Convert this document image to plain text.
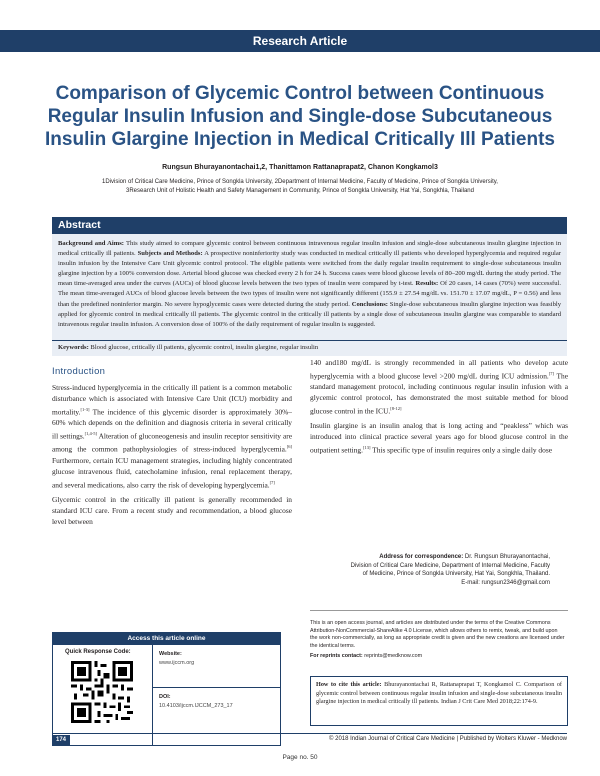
Research Article
Comparison of Glycemic Control between Continuous Regular Insulin Infusion and Single-dose Subcutaneous Insulin Glargine Injection in Medical Critically Ill Patients
Rungsun Bhurayanontachai1,2, Thanittamon Rattanaprapat2, Chanon Kongkamol3
1Division of Critical Care Medicine, Prince of Songkla University, 2Department of Internal Medicine, Faculty of Medicine, Prince of Songkla University,
3Research Unit of Holistic Health and Safety Management in Community, Prince of Songkla University, Hat Yai, Songkhla, Thailand
Abstract
Background and Aims: This study aimed to compare glycemic control between continuous intravenous regular insulin infusion and single-dose subcutaneous insulin glargine injection in medical critically ill patients. Subjects and Methods: A prospective noninferiority study was conducted in medical critically ill patients who developed hyperglycemia and required regular insulin infusion by the Intensive Care Unit glycemic control protocol. The eligible patients were switched from the daily regular insulin requirement to single-dose subcutaneous insulin glargine injection by a 100% conversion dose. Arterial blood glucose was checked every 2 h for 24 h. Success cases were blood glucose levels of 80–200 mg/dL during the study period. The mean time-averaged area under the curves (AUCs) of blood glucose levels between the two types of insulin were compared by t-test. Results: Of 20 cases, 14 cases (70%) were successful. The mean time-averaged AUCs of blood glucose levels between the two types of insulin were not significantly different (155.9 ± 27.54 mg/dL vs. 151.70 ± 17.07 mg/dL, P = 0.56) and less than the predefined noninferior margin. No severe hypoglycemic cases were detected during the study period. Conclusions: Single-dose subcutaneous insulin glargine injection was feasibly applied for glycemic control in medical critically ill patients. The glycemic control in the critically ill patients by a single dose of subcutaneous insulin glargine was comparable to standard intravenous regular insulin infusion. A conversion dose of 100% of the daily requirement of regular insulin is suggested.
Keywords: Blood glucose, critically ill patients, glycemic control, insulin glargine, regular insulin
Introduction

Stress-induced hyperglycemia in the critically ill patient is a common metabolic disturbance which is associated with Intensive Care Unit (ICU) morbidity and mortality.[1-3] The incidence of this glycemic disorder is approximately 30%–60% which depends on the definition and diagnosis criteria in several critically ill settings.[1,4-5] Alteration of gluconeogenesis and insulin receptor sensitivity are among the common pathophysiologies of stress-induced hyperglycemia.[6] Furthermore, certain ICU management strategies, including highly concentrated glucose intravenous fluid, catecholamine infusion, renal replacement therapy, and several medications, also carry the risk of developing hyperglycemia.[7]

Glycemic control in the critically ill patient is generally recommended in standard ICU care. From a recent study and recommendation, a blood glucose level between

140 and180 mg/dL is strongly recommended in all patients who develop acute hyperglycemia with a blood glucose level >200 mg/dL during ICU admission.[7] The standard management protocol, including continuous regular insulin infusion with a glycemic control protocol, has demonstrated the most suitable method for blood glucose control in the ICU.[8-12]

Insulin glargine is an insulin analog that is long acting and “peakless” which was introduced into clinical practice several years ago for blood glucose control in the outpatient setting.[13] This specific type of insulin requires only a single daily dose

Access this article online
Quick Response Code:	Website:
www.ijccm.org
DOI:
10.4103/ijccm.IJCCM_273_17
Address for correspondence: Dr. Rungsun Bhurayanontachai,
Division of Critical Care Medicine, Department of Internal Medicine, Faculty
of Medicine, Prince of Songkla University, Hat Yai, Songkhla, Thailand.
E-mail: rungsun2346@gmail.com

This is an open access journal, and articles are distributed under the terms of the Creative Commons Attribution-NonCommercial-ShareAlike 4.0 License, which allows others to remix, tweak, and build upon the work non-commercially, as long as appropriate credit is given and the new creations are licensed under the identical terms.

For reprints contact: reprints@medknow.com

How to cite this article: Bhurayanontachai R, Rattanaprapat T, Kongkamol C. Comparison of glycemic control between continuous regular insulin infusion and single-dose subcutaneous insulin glargine injection in medical critically ill patients. Indian J Crit Care Med 2018;22:174-9.
174	© 2018 Indian Journal of Critical Care Medicine | Published by Wolters Kluwer - Medknow
Page no. 50
